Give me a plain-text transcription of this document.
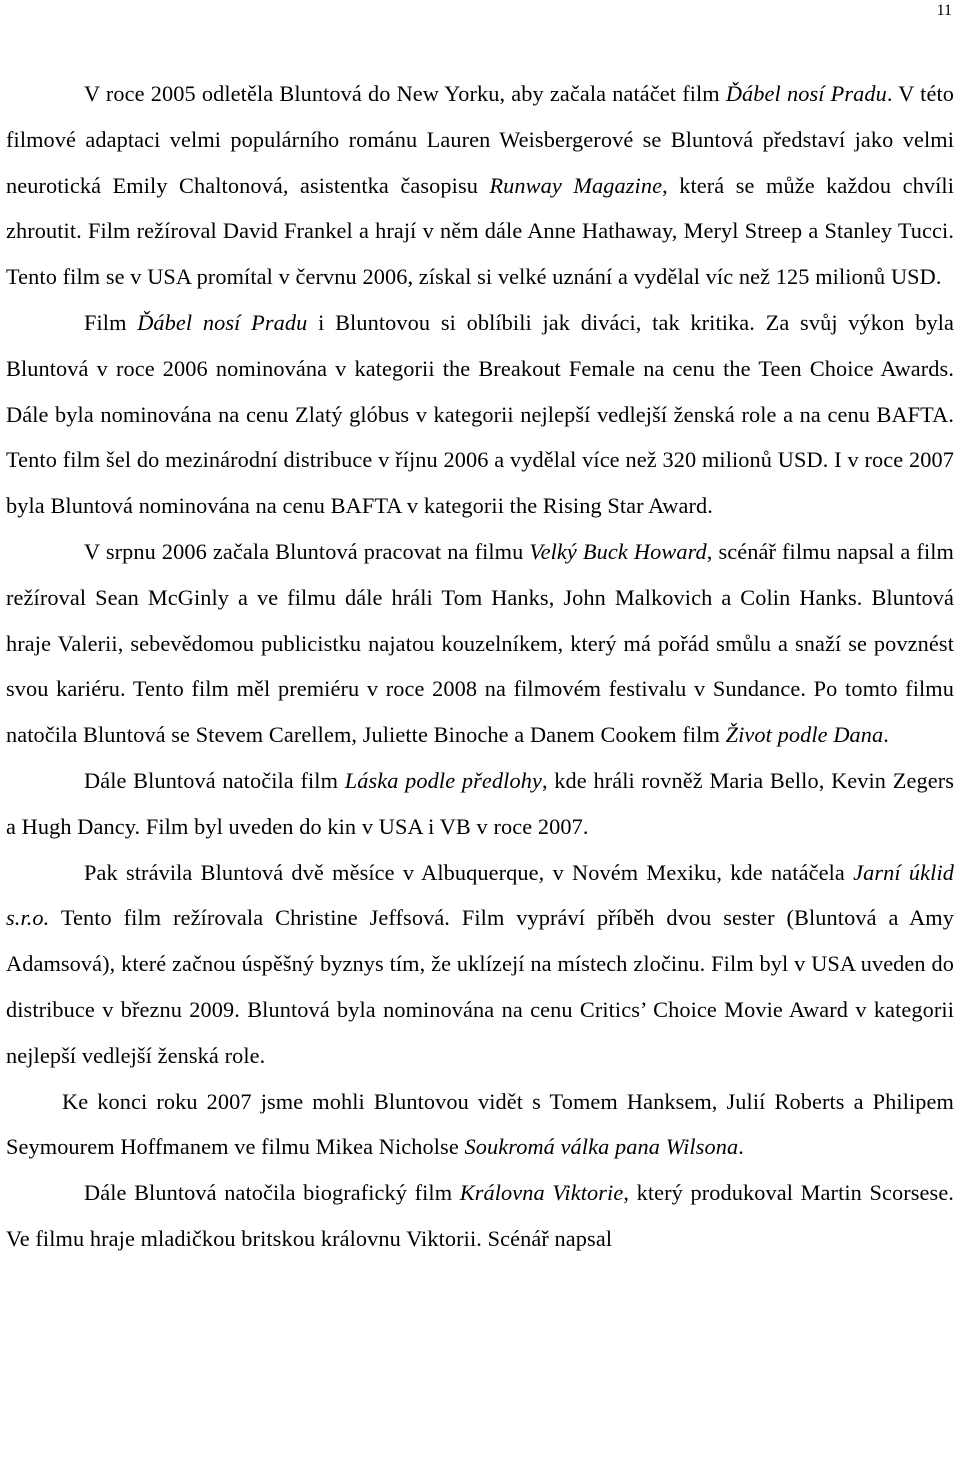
11

V roce 2005 odletěla Bluntová do New Yorku, aby začala natáčet film Ďábel nosí Pradu. V této filmové adaptaci velmi populárního románu Lauren Weisbergerové se Bluntová představí jako velmi neurotická Emily Chaltonová, asistentka časopisu Runway Magazine, která se může každou chvíli zhroutit. Film režíroval David Frankel a hrají v něm dále Anne Hathaway, Meryl Streep a Stanley Tucci. Tento film se v USA promítal v červnu 2006, získal si velké uznání a vydělal víc než 125 milionů USD.

Film Ďábel nosí Pradu i Bluntovou si oblíbili jak diváci, tak kritika. Za svůj výkon byla Bluntová v roce 2006 nominována v kategorii the Breakout Female na cenu the Teen Choice Awards. Dále byla nominována na cenu Zlatý glóbus v kategorii nejlepší vedlejší ženská role a na cenu BAFTA. Tento film šel do mezinárodní distribuce v říjnu 2006 a vydělal více než 320 milionů USD. I v roce 2007 byla Bluntová nominována na cenu BAFTA v kategorii the Rising Star Award.

V srpnu 2006 začala Bluntová pracovat na filmu Velký Buck Howard, scénář filmu napsal a film režíroval Sean McGinly a ve filmu dále hráli Tom Hanks, John Malkovich a Colin Hanks. Bluntová hraje Valerii, sebevědomou publicistku najatou kouzelníkem, který má pořád smůlu a snaží se povznést svou kariéru. Tento film měl premiéru v roce 2008 na filmovém festivalu v Sundance. Po tomto filmu natočila Bluntová se Stevem Carellem, Juliette Binoche a Danem Cookem film Život podle Dana.

Dále Bluntová natočila film Láska podle předlohy, kde hráli rovněž Maria Bello, Kevin Zegers a Hugh Dancy. Film byl uveden do kin v USA i VB v roce 2007.

Pak strávila Bluntová dvě měsíce v Albuquerque, v Novém Mexiku, kde natáčela Jarní úklid s.r.o. Tento film režírovala Christine Jeffsová. Film vypráví příběh dvou sester (Bluntová a Amy Adamsová), které začnou úspěšný byznys tím, že uklízejí na místech zločinu. Film byl v USA uveden do distribuce v březnu 2009. Bluntová byla nominována na cenu Critics’ Choice Movie Award v kategorii nejlepší vedlejší ženská role.

Ke konci roku 2007 jsme mohli Bluntovou vidět s Tomem Hanksem, Julií Roberts a Philipem Seymourem Hoffmanem ve filmu Mikea Nicholse Soukromá válka pana Wilsona.

Dále Bluntová natočila biografický film Královna Viktorie, který produkoval Martin Scorsese. Ve filmu hraje mladičkou britskou královnu Viktorii. Scénář napsal
